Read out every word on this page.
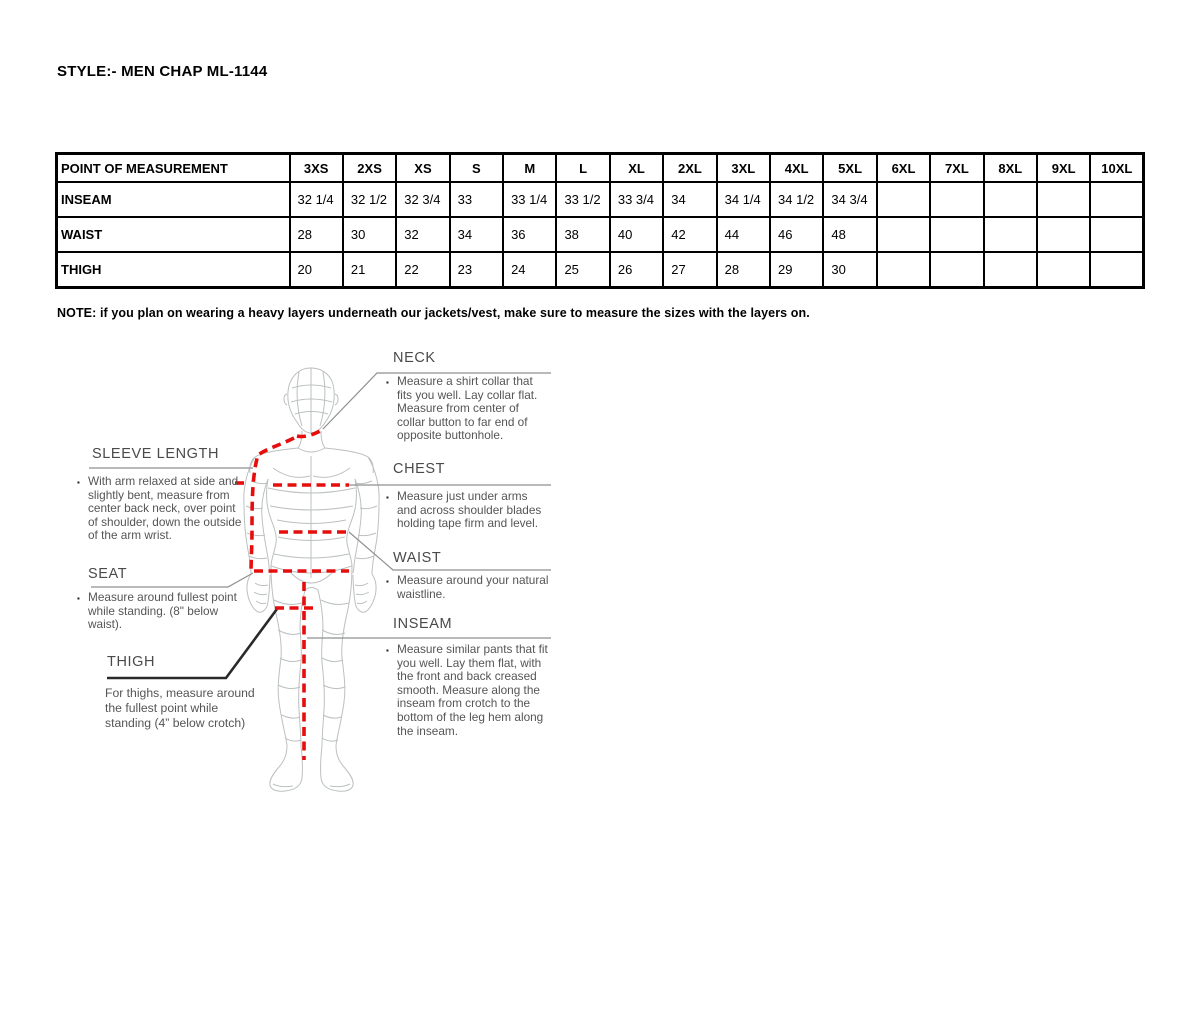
STYLE:- MEN CHAP ML-1144
POINT OF MEASUREMENT	3XS	2XS	XS	S	M	L	XL	2XL	3XL	4XL	5XL	6XL	7XL	8XL	9XL	10XL
INSEAM	32 1/4	32 1/2	32 3/4	33	33 1/4	33 1/2	33 3/4	34	34 1/4	34 1/2	34 3/4					
WAIST	28	30	32	34	36	38	40	42	44	46	48					
THIGH	20	21	22	23	24	25	26	27	28	29	30					
NOTE: if you plan on wearing a heavy layers underneath our jackets/vest, make sure to measure the sizes with the layers on.
NECK
▪ Measure a shirt collar that fits you well. Lay collar flat. Measure from center of collar button to far end of opposite buttonhole.
SLEEVE LENGTH
▪ With arm relaxed at side and slightly bent, measure from center back neck, over point of shoulder, down the outside of the arm wrist.
CHEST
▪ Measure just under arms and across shoulder blades holding tape firm and level.
WAIST
▪ Measure around your natural waistline.
SEAT
▪ Measure around fullest point while standing. (8" below waist).
THIGH
For thighs, measure around the fullest point while standing (4” below crotch)
INSEAM
▪ Measure similar pants that fit you well. Lay them flat, with the front and back creased smooth. Measure along the inseam from crotch to the bottom of the leg hem along the inseam.
